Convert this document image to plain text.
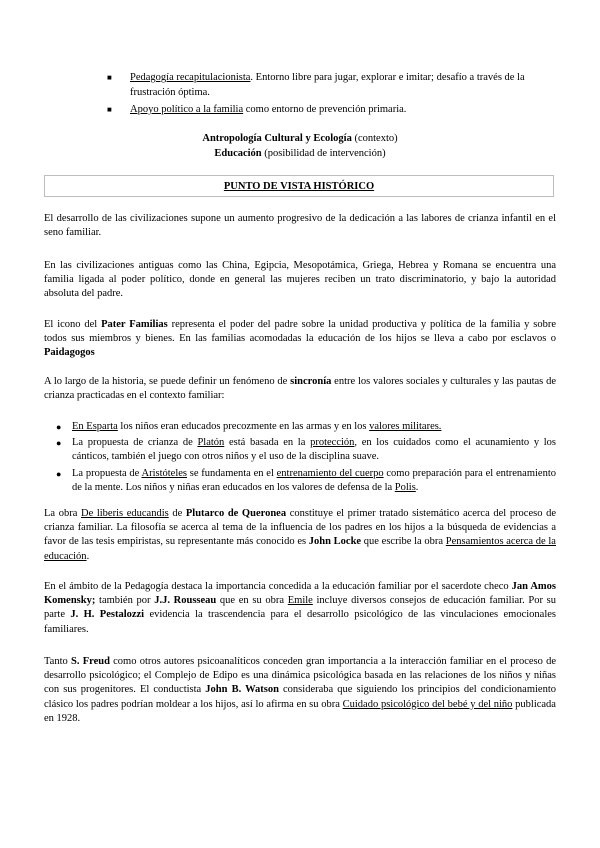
■ Pedagogía recapitulacionista. Entorno libre para jugar, explorar e imitar; desafío a través de la frustración óptima.
■ Apoyo político a la familia como entorno de prevención primaria.
Antropología Cultural y Ecología (contexto)
Educación (posibilidad de intervención)
PUNTO DE VISTA HISTÓRICO
El desarrollo de las civilizaciones supone un aumento progresivo de la dedicación a las labores de crianza infantil en el seno familiar.
En las civilizaciones antiguas como las China, Egipcia, Mesopotámica, Griega, Hebrea y Romana se encuentra una familia ligada al poder político, donde en general las mujeres reciben un trato discriminatorio, y bajo la autoridad absoluta del padre.
El icono del Pater Familias representa el poder del padre sobre la unidad productiva y política de la familia y sobre todos sus miembros y bienes. En las familias acomodadas la educación de los hijos se lleva a cabo por esclavos o Paidagogos
A lo largo de la historia, se puede definir un fenómeno de sincronía entre los valores sociales y culturales y las pautas de crianza practicadas en el contexto familiar:
● En Esparta los niños eran educados precozmente en las armas y en los valores militares.
● La propuesta de crianza de Platón está basada en la protección, en los cuidados como el acunamiento y los cánticos, también el juego con otros niños y el uso de la disciplina suave.
● La propuesta de Aristóteles se fundamenta en el entrenamiento del cuerpo como preparación para el entrenamiento de la mente. Los niños y niñas eran educados en los valores de defensa de la Polis.
La obra De liberis educandis de Plutarco de Queronea constituye el primer tratado sistemático acerca del proceso de crianza familiar. La filosofía se acerca al tema de la influencia de los padres en los hijos a la búsqueda de evidencias a favor de las tesis empiristas, su representante más conocido es John Locke que escribe la obra Pensamientos acerca de la educación.
En el ámbito de la Pedagogía destaca la importancia concedida a la educación familiar por el sacerdote checo Jan Amos Komensky; también por J.J. Rousseau que en su obra Emile incluye diversos consejos de educación familiar. Por su parte J. H. Pestalozzi evidencia la trascendencia para el desarrollo psicológico de las vinculaciones emocionales familiares.
Tanto S. Freud como otros autores psicoanalíticos conceden gran importancia a la interacción familiar en el proceso de desarrollo psicológico; el Complejo de Edipo es una dinámica psicológica basada en las relaciones de los niños y niñas con sus progenitores. El conductista John B. Watson consideraba que siguiendo los principios del condicionamiento clásico los padres podrían moldear a los hijos, así lo afirma en su obra Cuidado psicológico del bebé y del niño publicada en 1928.
